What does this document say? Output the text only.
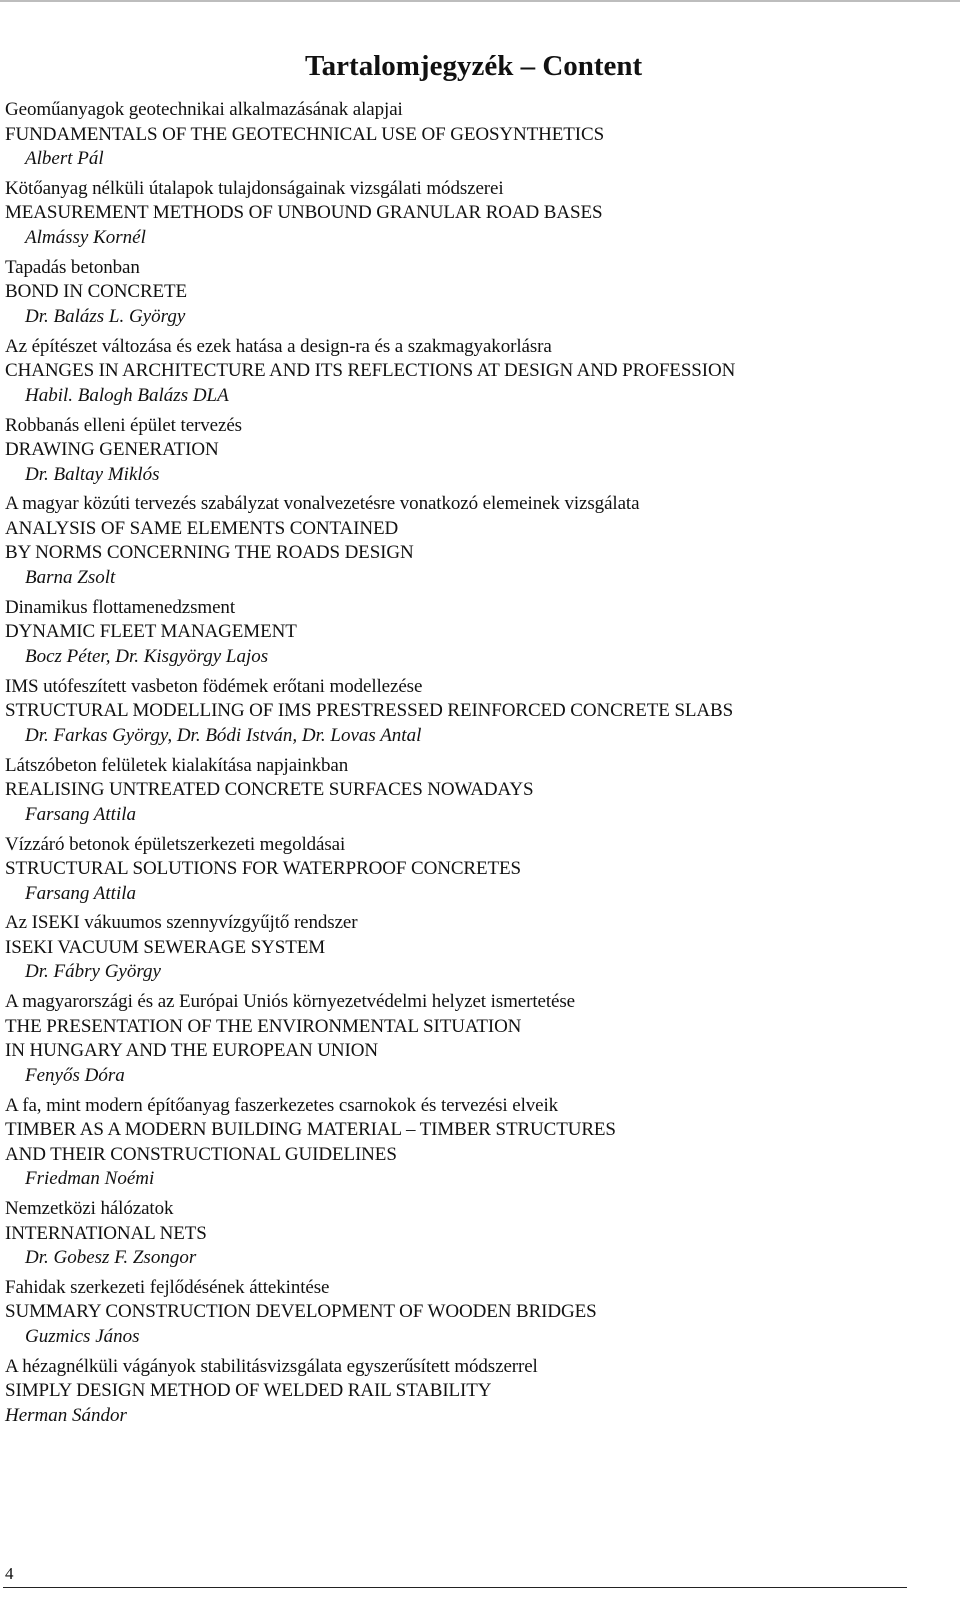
Tartalomjegyzék – Content
Geoműanyagok geotechnikai alkalmazásának alapjai
FUNDAMENTALS OF THE GEOTECHNICAL USE OF GEOSYNTHETICS
Albert Pál
Kötőanyag nélküli útalapok tulajdonságainak vizsgálati módszerei
MEASUREMENT METHODS OF UNBOUND GRANULAR ROAD BASES
Almássy Kornél
Tapadás betonban
BOND IN CONCRETE
Dr. Balázs L. György
Az építészet változása és ezek hatása a design-ra és a szakmagyakorlásra
CHANGES IN ARCHITECTURE AND ITS REFLECTIONS AT DESIGN AND PROFESSION
Habil. Balogh Balázs DLA
Robbanás elleni épület tervezés
DRAWING GENERATION
Dr. Baltay Miklós
A magyar közúti tervezés szabályzat vonalvezetésre vonatkozó elemeinek vizsgálata
ANALYSIS OF SAME ELEMENTS CONTAINED
BY NORMS CONCERNING THE ROADS DESIGN
Barna Zsolt
Dinamikus flottamenedzsment
DYNAMIC FLEET MANAGEMENT
Bocz Péter, Dr. Kisgyörgy Lajos
IMS utófeszített vasbeton födémek erőtani modellezése
STRUCTURAL MODELLING OF IMS PRESTRESSED REINFORCED CONCRETE SLABS
Dr. Farkas György, Dr. Bódi István, Dr. Lovas Antal
Látszóbeton felületek kialakítása napjainkban
REALISING UNTREATED CONCRETE SURFACES NOWADAYS
Farsang Attila
Vízzáró betonok épületszerkezeti megoldásai
STRUCTURAL SOLUTIONS FOR WATERPROOF CONCRETES
Farsang Attila
Az ISEKI vákuumos szennyvízgyűjtő rendszer
ISEKI VACUUM SEWERAGE SYSTEM
Dr. Fábry György
A magyarországi és az Európai Uniós környezetvédelmi helyzet ismertetése
THE PRESENTATION OF THE ENVIRONMENTAL SITUATION
IN HUNGARY AND THE EUROPEAN UNION
Fenyős Dóra
A fa, mint modern építőanyag faszerkezetes csarnokok és tervezési elveik
TIMBER AS A MODERN BUILDING MATERIAL – TIMBER STRUCTURES
AND THEIR CONSTRUCTIONAL GUIDELINES
Friedman Noémi
Nemzetközi hálózatok
INTERNATIONAL NETS
Dr. Gobesz F. Zsongor
Fahidak szerkezeti fejlődésének áttekintése
SUMMARY CONSTRUCTION DEVELOPMENT OF WOODEN BRIDGES
Guzmics János
A hézagnélküli vágányok stabilitásvizsgálata egyszerűsített módszerrel
SIMPLY DESIGN METHOD OF WELDED RAIL STABILITY
Herman Sándor
4
